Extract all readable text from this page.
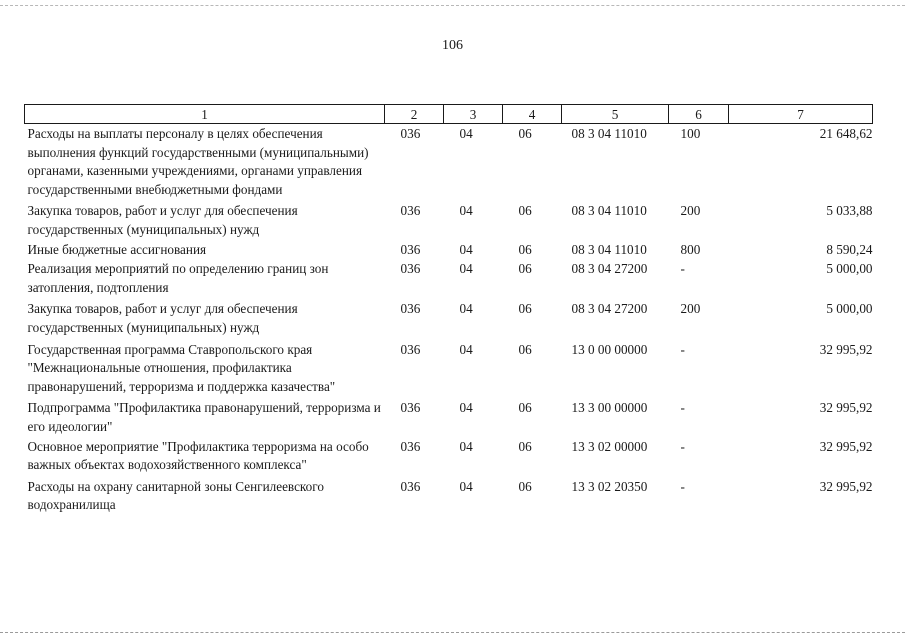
106
1	2	3	4	5	6	7
Расходы на выплаты персоналу в целях обеспечения выполнения функций государственными (муниципальными) органами, казенными учреждениями, органами управления государственными внебюджетными фондами	036	04	06	08 3 04 11010	100	21 648,62
Закупка товаров, работ и услуг для обеспечения государственных (муниципальных) нужд	036	04	06	08 3 04 11010	200	5 033,88
Иные бюджетные ассигнования	036	04	06	08 3 04 11010	800	8 590,24
Реализация мероприятий по определению границ зон затопления, подтопления	036	04	06	08 3 04 27200	-	5 000,00
Закупка товаров, работ и услуг для обеспечения государственных (муниципальных) нужд	036	04	06	08 3 04 27200	200	5 000,00
Государственная программа Ставропольского края "Межнациональные отношения, профилактика правонарушений, терроризма и поддержка казачества"	036	04	06	13 0 00 00000	-	32 995,92
Подпрограмма "Профилактика правонарушений, терроризма и его идеологии"	036	04	06	13 3 00 00000	-	32 995,92
Основное мероприятие "Профилактика терроризма на особо важных объектах водохозяйственного комплекса"	036	04	06	13 3 02 00000	-	32 995,92
Расходы на охрану санитарной зоны Сенгилеевского водохранилища	036	04	06	13 3 02 20350	-	32 995,92
